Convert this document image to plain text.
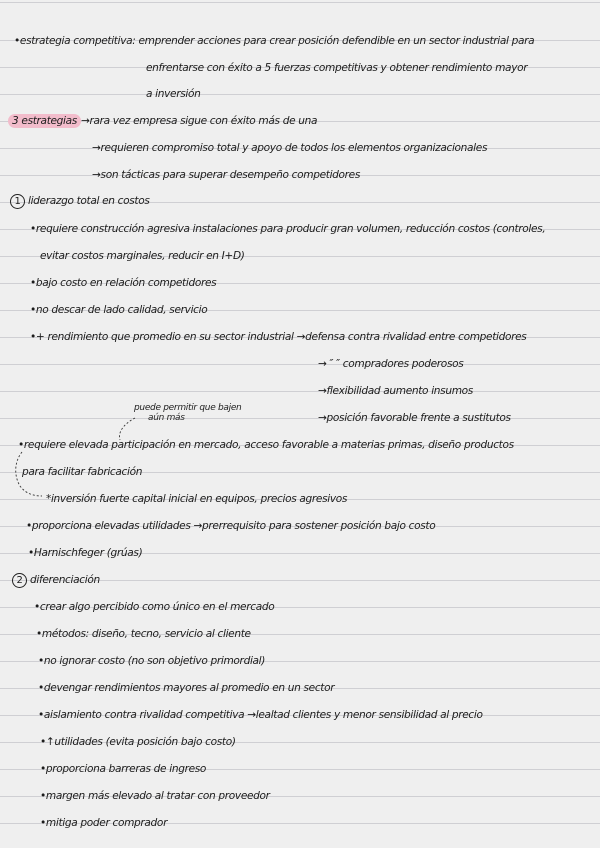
•estrategia competitiva: emprender acciones para crear posición defendible en un sector industrial para
enfrentarse con éxito a 5 fuerzas competitivas y obtener rendimiento mayor
a inversión
3 estrategias →rara vez empresa sigue con éxito más de una
→requieren compromiso total y apoyo de todos los elementos organizacionales
→son tácticas para superar desempeño competidores
1 liderazgo total en costos
•requiere construcción agresiva instalaciones para producir gran volumen, reducción costos (controles,
evitar costos marginales, reducir en I+D)
•bajo costo en relación competidores
•no descar de lado calidad, servicio
•+ rendimiento que promedio en su sector industrial →defensa contra rivalidad entre competidores
→ ″ ″ compradores poderosos
→flexibilidad aumento insumos
puede permitir que bajen
aún más	→posición favorable frente a sustitutos
•requiere elevada participación en mercado, acceso favorable a materias primas, diseño productos
para facilitar fabricación
*inversión fuerte capital inicial en equipos, precios agresivos
•proporciona elevadas utilidades →prerrequisito para sostener posición bajo costo
•Harnischfeger (grúas)
2 diferenciación
•crear algo percibido como único en el mercado
•métodos: diseño, tecno, servicio al cliente
•no ignorar costo (no son objetivo primordial)
•devengar rendimientos mayores al promedio en un sector
•aislamiento contra rivalidad competitiva →lealtad clientes y menor sensibilidad al precio
•↑utilidades (evita posición bajo costo)
•proporciona barreras de ingreso
•margen más elevado al tratar con proveedor
•mitiga poder comprador
